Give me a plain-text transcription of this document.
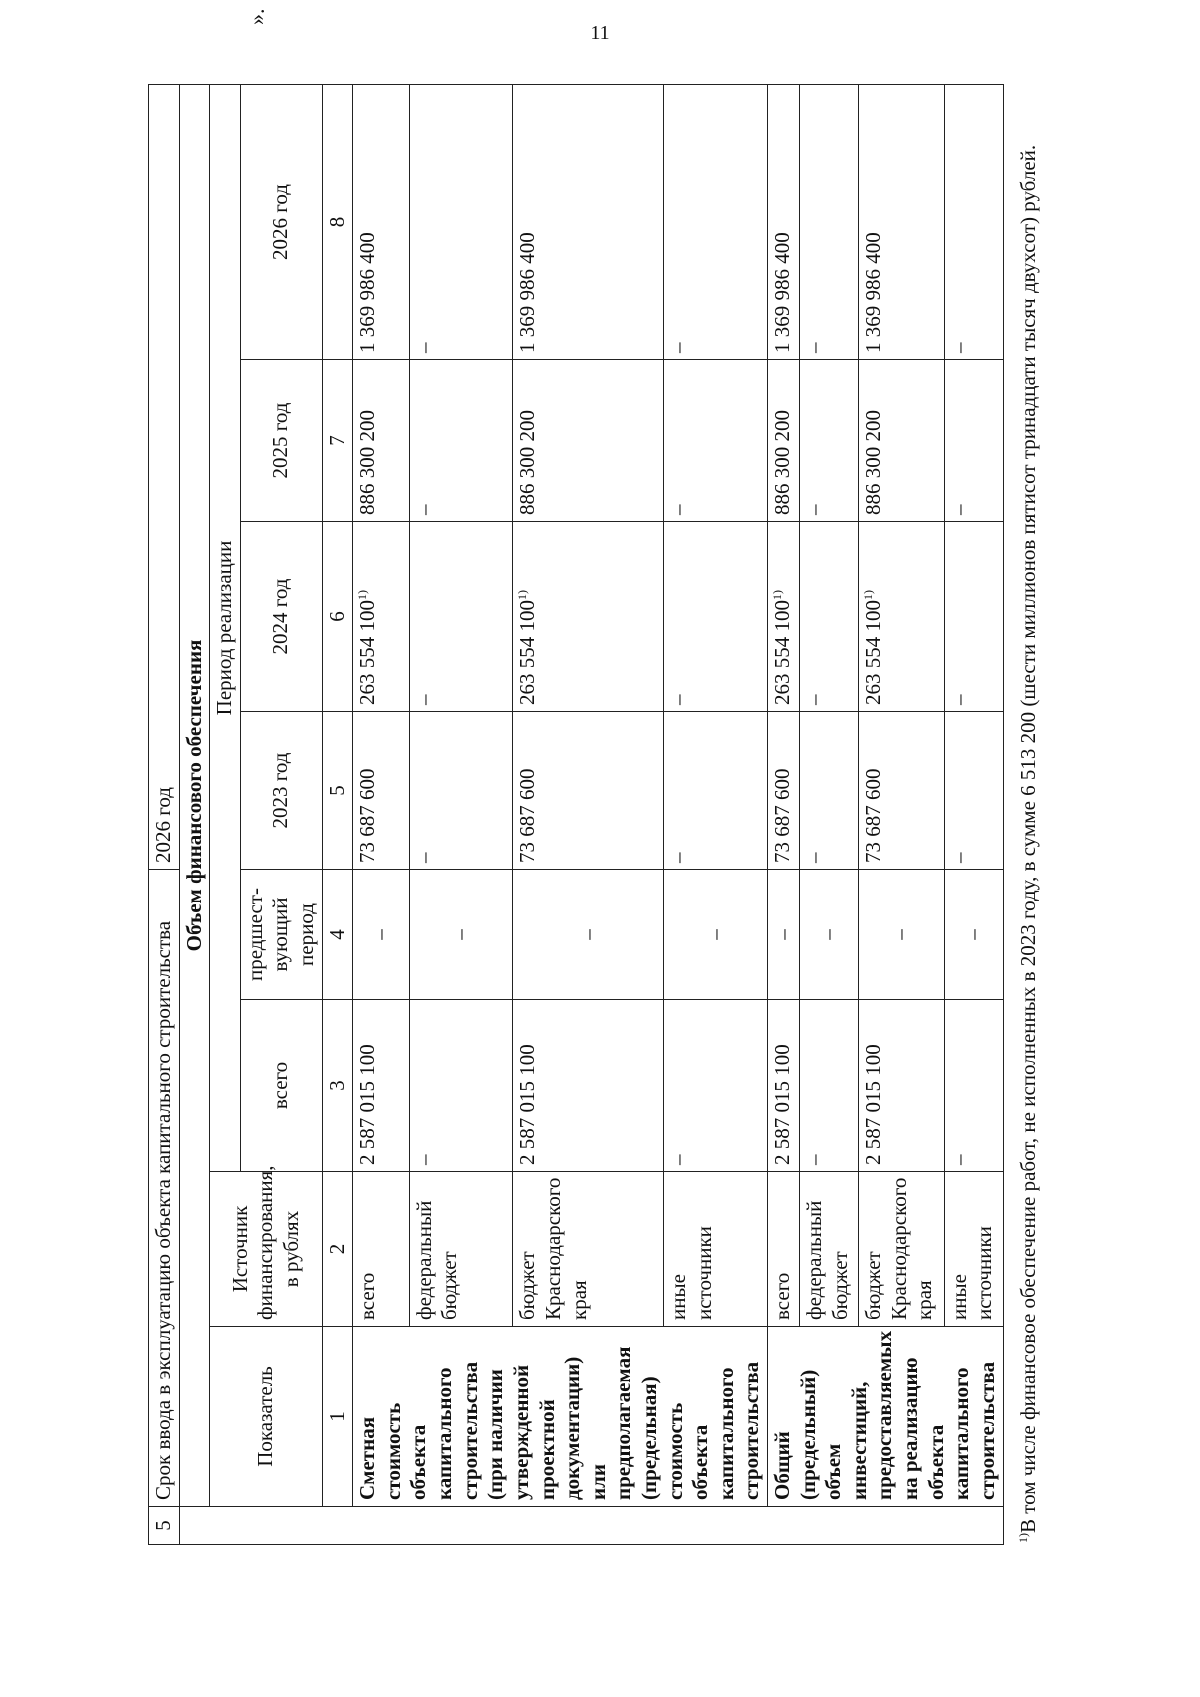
11
5	Срок ввода в эксплуатацию объекта капитального строительства				2026 год			
	Объем финансового обеспечения							
	Показатель	Источник финансирования, в рублях	Период реализации					
			всего	предшест-вующий период	2023 год	2024 год	2025 год	2026 год
	1	2	3	4	5	6	7	8
	Сметная стоимость объекта капитального строительства (при наличии утвержденной проектной документации) или предполагаемая (предельная) стоимость объекта капитального строительства	всего	2 587 015 100	–	73 687 600	263 554 100$^{1)}$	886 300 200	1 369 986 400
		федеральный бюджет	–	–	–	–	–	–
		бюджет Краснодарского края	2 587 015 100	–	73 687 600	263 554 100$^{1)}$	886 300 200	1 369 986 400
		иные источники	–	–	–	–	–	–
	Общий (предельный) объем инвестиций, предоставляемых на реализацию объекта капитального строительства	всего	2 587 015 100	–	73 687 600	263 554 100$^{1)}$	886 300 200	1 369 986 400
		федеральный бюджет	–	–	–	–	–	–
		бюджет Краснодарского края	2 587 015 100	–	73 687 600	263 554 100$^{1)}$	886 300 200	1 369 986 400
		иные источники	–	–	–	–	–	–
$^{1)}$В том числе финансовое обеспечение работ, не исполненных в 2023 году, в сумме 6 513 200 (шести миллионов пятисот тринадцати тысяч двухсот) рублей.
».
